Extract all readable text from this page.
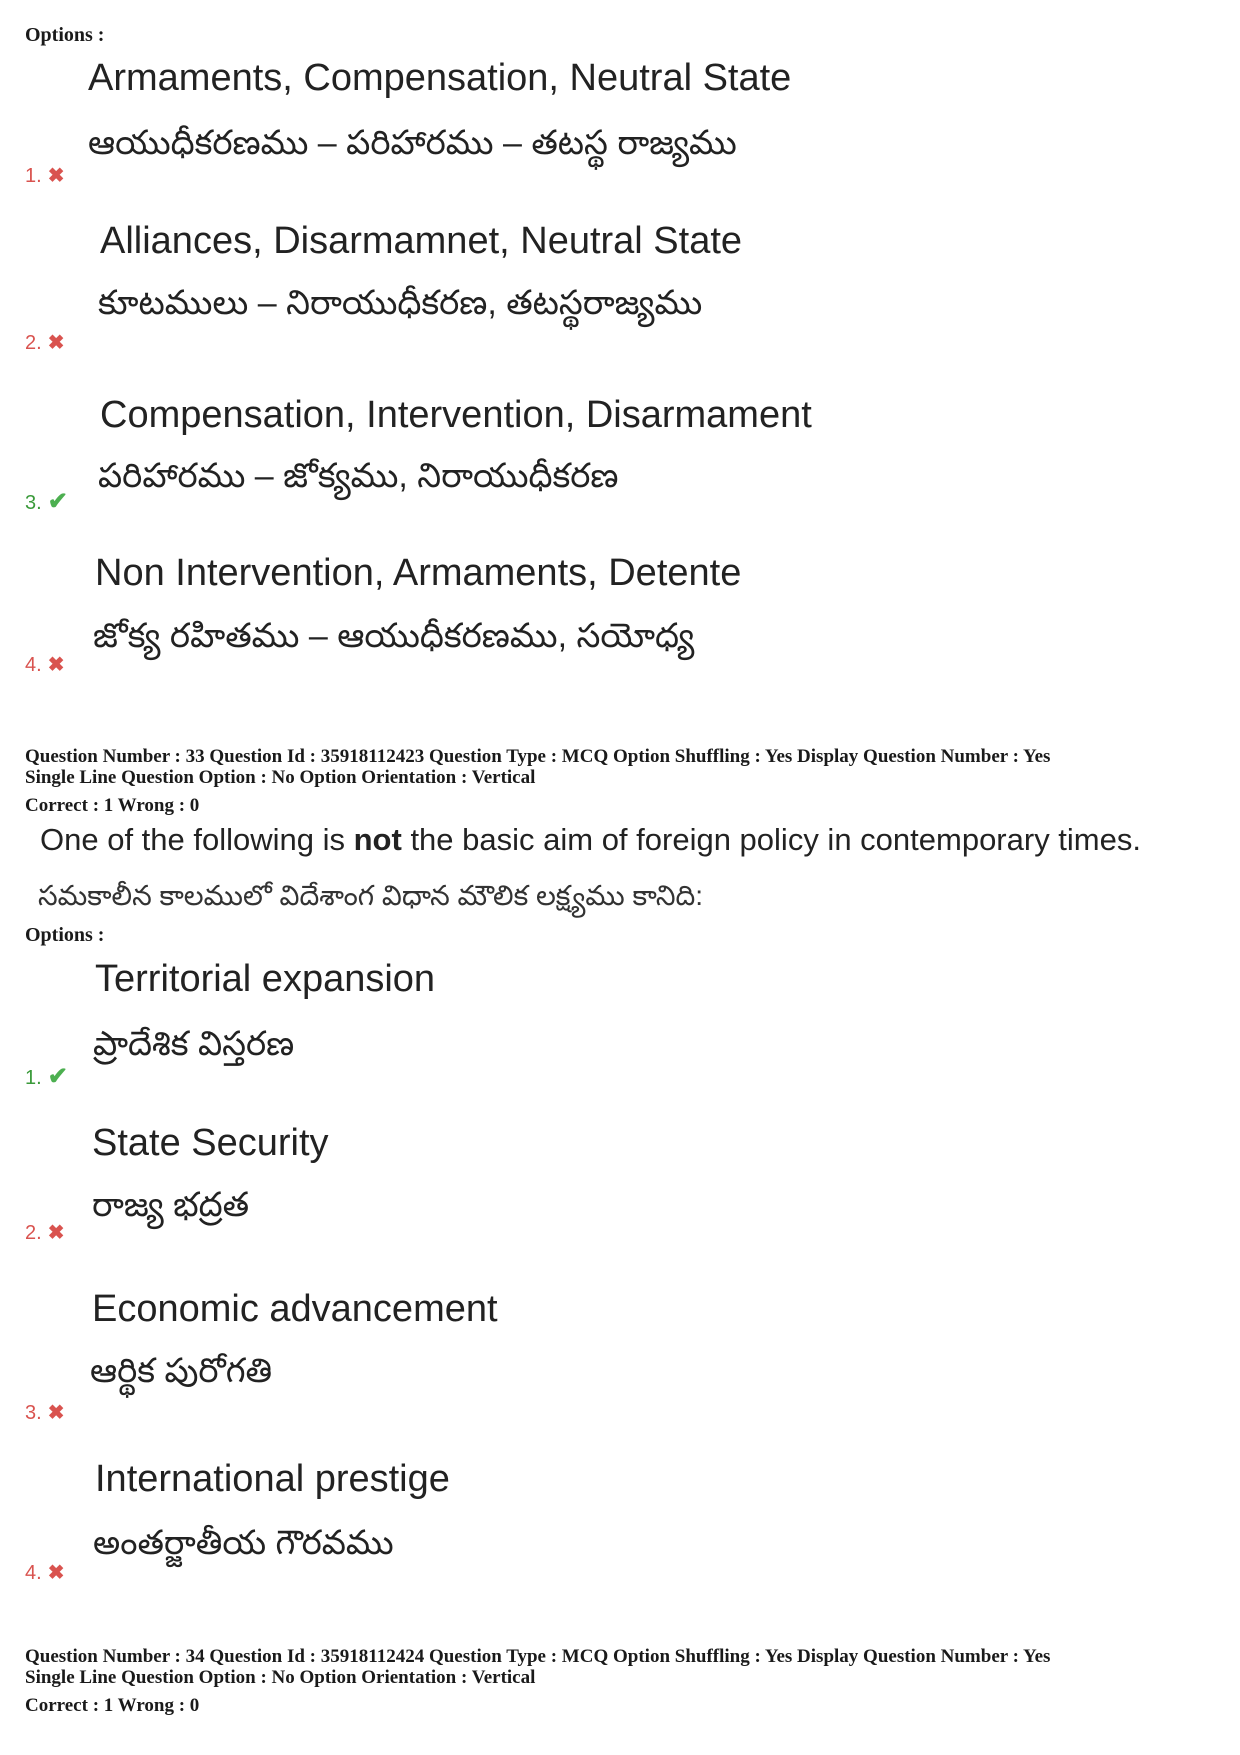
Options :
Armaments, Compensation, Neutral State
ఆయుధీకరణము – పరిహారము – తటస్థ రాజ్యము
1. ✖
Alliances, Disarmamnet, Neutral State
కూటములు – నిరాయుధీకరణ, తటస్థరాజ్యము
2. ✖
Compensation, Intervention, Disarmament
పరిహారము – జోక్యము, నిరాయుధీకరణ
3. ✔
Non Intervention, Armaments, Detente
జోక్య రహితము – ఆయుధీకరణము, సయోధ్య
4. ✖
Question Number : 33 Question Id : 35918112423 Question Type : MCQ Option Shuffling : Yes Display Question Number : Yes
Single Line Question Option : No Option Orientation : Vertical
Correct : 1 Wrong : 0
One of the following is not the basic aim of foreign policy in contemporary times.
సమకాలీన కాలములో విదేశాంగ విధాన మౌలిక లక్ష్యము కానిది:
Options :
Territorial expansion
ప్రాదేశిక విస్తరణ
1. ✔
State Security
రాజ్య భద్రత
2. ✖
Economic advancement
ఆర్థిక పురోగతి
3. ✖
International prestige
అంతర్జాతీయ గౌరవము
4. ✖
Question Number : 34 Question Id : 35918112424 Question Type : MCQ Option Shuffling : Yes Display Question Number : Yes
Single Line Question Option : No Option Orientation : Vertical
Correct : 1 Wrong : 0
